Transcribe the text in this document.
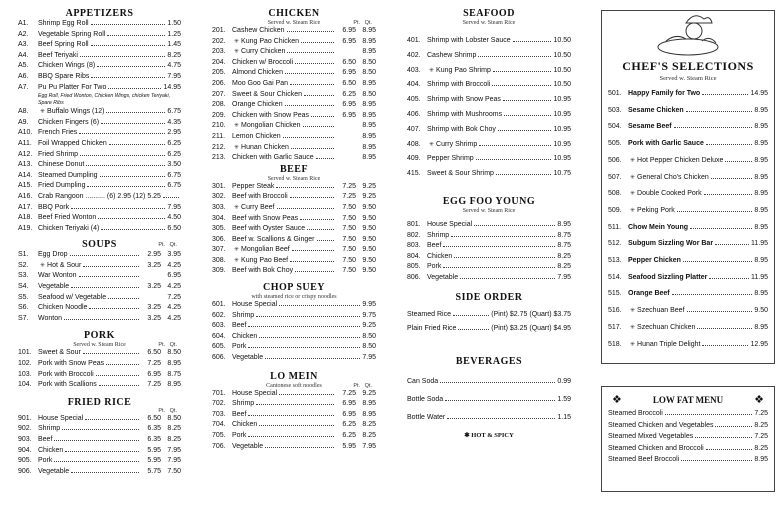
APPETIZERS
A1.	Shrimp Egg Roll	1.50
A2.	Vegetable Spring Roll	1.25
A3.	Beef Spring Roll	1.45
A4.	Beef Teriyaki	8.25
A5.	Chicken Wings (8)	4.75
A6.	BBQ Spare Ribs	7.95
A7.	Pu Pu Platter For Two	14.95
Egg Roll, Fried Wonton, Chicken Wings, chicken Teriyaki, Spare Ribs
A8.	✳ Buffalo Wings (12)	6.75
A9.	Chicken Fingers (6)	4.35
A10. French Fries	2.95
A11. Foil Wrapped Chicken	6.25
A12. Fried Shrimp	6.25
A13. Chinese Donut	3.50
A14. Steamed Dumpling	6.75
A15. Fried Dumpling	6.75
A16. Crab Rangoon .......... (6) 2.95 (12) 5.25
A17. BBQ Pork	7.95
A18. Beef Fried Wonton	4.50
A19. Chicken Teriyaki (4)	6.50
SOUPS	Pt. Qt.
S1.	Egg Drop	2.95 3.95
S2.	✳ Hot & Sour	3.25 4.25
S3.	War Wonton	6.95
S4.	Vegetable	3.25 4.25
S5.	Seafood w/ Vegetable	7.25
S6.	Chicken Noodle	3.25 4.25
S7.	Wonton	3.25 4.25
PORK
Served w. Steam Rice	Pt. Qt.
101. Sweet & Sour	6.50 8.50
102. Pork with Snow Peas	7.25 8.95
103. Pork with Broccoli	6.95 8.75
104. Pork with Scallions	7.25 8.95
FRIED RICE
Pt. Qt.
901. House Special	6.50 8.50
902. Shrimp	6.35 8.25
903. Beef	6.35 8.25
904. Chicken	5.95 7.95
905. Pork	5.95 7.95
906. Vegetable	5.75 7.50
CHICKEN
Served w. Steam Rice	Pt. Qt.
201. Cashew Chicken	6.95 8.95
202.	✳ Kung Pao Chicken	6.95 8.95
203.	✳ Curry Chicken	8.95
204. Chicken w/ Broccoli	6.50 8.50
205. Almond Chicken	6.95 8.50
206. Moo Goo Gai Pan	6.50 8.95
207. Sweet & Sour Chicken	6.25 8.50
208. Orange Chicken	6.95 8.95
209. Chicken with Snow Peas	6.95 8.95
210.	✳ Mongolian Chicken	8.95
211. Lemon Chicken	8.95
212.	✳ Hunan Chicken	8.95
213. Chicken with Garlic Sauce	8.95
BEEF
Served w. Steam Rice
301. Pepper Steak	7.25 9.25
302. Beef with Broccoli	7.25 9.25
303.	✳ Curry Beef	7.50 9.50
304. Beef with Snow Peas	7.50 9.50
305. Beef with Oyster Sauce	7.50 9.50
306. Beef w. Scallions & Ginger	7.50 9.50
307.	✳ Mongolian Beef	7.50 9.50
308.	✳ Kung Pao Beef	7.50 9.50
309. Beef with Bok Choy	7.50 9.50
CHOP SUEY
with steamed rice or crispy noodles
601. House Special	9.95
602. Shrimp	9.75
603. Beef	9.25
604. Chicken	8.50
605. Pork	8.50
606. Vegetable	7.95
LO MEIN
Cantonese soft noodles	Pt. Qt.
701. House Special	7.25 9.25
702. Shrimp	6.95 8.95
703. Beef	6.95 8.95
704. Chicken	6.25 8.25
705. Pork	6.25 8.25
706. Vegetable	5.95 7.95
SEAFOOD
Served w. Steam Rice
401. Shrimp with Lobster Sauce	10.50
402. Cashew Shrimp	10.50
403.	✳ Kung Pao Shrimp	10.50
404. Shrimp with Broccoli	10.50
405. Shrimp with Snow Peas	10.95
406. Shrimp with Mushrooms	10.95
407. Shrimp with Bok Choy	10.95
408.	✳ Curry Shrimp	10.95
409. Pepper Shrimp	10.95
415. Sweet & Sour Shrimp	10.75
EGG FOO YOUNG
Served w. Steam Rice
801. House Special	8.95
802. Shrimp	8.75
803. Beef	8.75
804. Chicken	8.25
805. Pork	8.25
806. Vegetable	7.95
SIDE ORDER
Steamed Rice	(Pint) $2.75 (Quart) $3.75
Plain Fried Rice	(Pint) $3.25 (Quart) $4.95
BEVERAGES
Can Soda	0.99
Bottle Soda	1.59
Bottle Water	1.15
✱ HOT & SPICY
CHEF'S SELECTIONS
Served w. Steam Rice
501. Happy Family for Two	14.95
503. Sesame Chicken	8.95
504. Sesame Beef	8.95
505. Pork with Garlic Sauce	8.95
506.	✳ Hot Pepper Chicken Deluxe	8.95
507.	✳ General Cho's Chicken	8.95
508.	✳ Double Cooked Pork	8.95
509.	✳ Peking Pork	8.95
511. Chow Mein Young	8.95
512. Subgum Sizzling Wor Bar	11.95
513. Pepper Chicken	8.95
514. Seafood Sizzling Platter	11.95
515. Orange Beef	8.95
516.	✳ Szechuan Beef	9.50
517.	✳ Szechuan Chicken	8.95
518.	✳ Hunan Triple Delight	12.95
❖	LOW FAT MENU	❖
Steamed Broccoli	7.25
Steamed Chicken and Vegetables	8.25
Steamed Mixed Vegetables	7.25
Steamed Chicken and Broccoli	8.25
Steamed Beef Broccoli	8.95
